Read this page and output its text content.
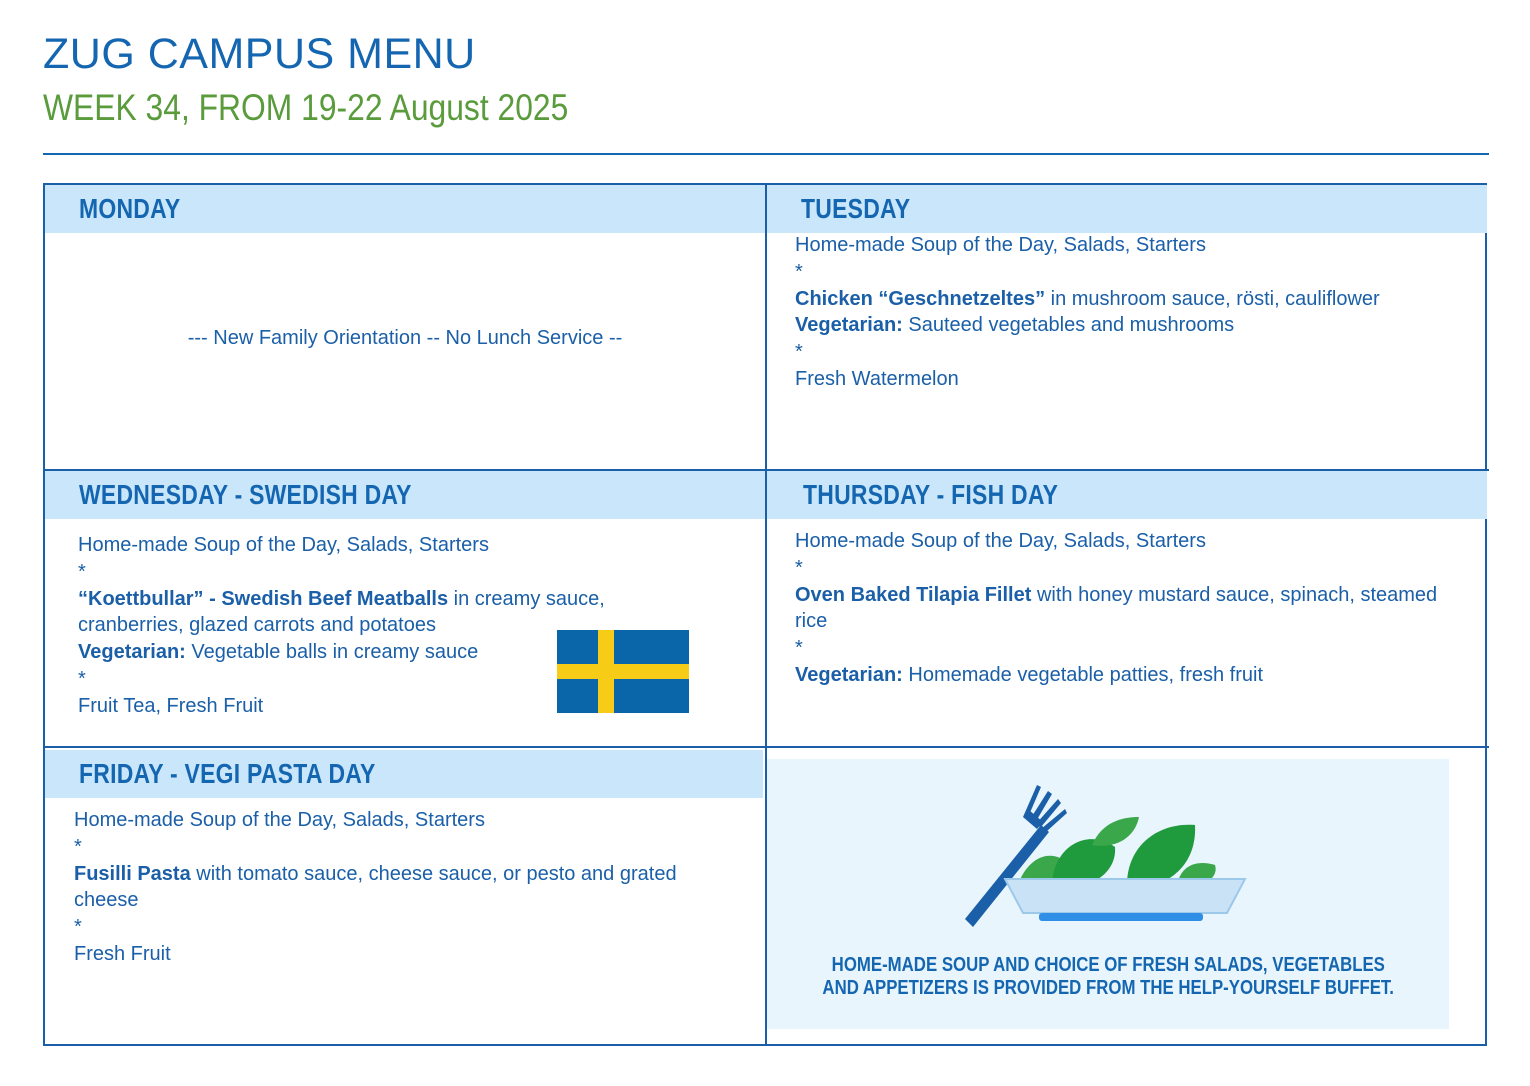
ZUG CAMPUS MENU
WEEK 34, FROM 19-22 August 2025
MONDAY
--- New Family Orientation -- No Lunch Service --
TUESDAY

Home-made Soup of the Day, Salads, Starters

*

Chicken “Geschnetzeltes” in mushroom sauce, rösti, cauliflower

Vegetarian: Sauteed vegetables and mushrooms

*

Fresh Watermelon

WEDNESDAY - SWEDISH DAY

Home-made Soup of the Day, Salads, Starters

*

“Koettbullar” - Swedish Beef Meatballs in creamy sauce, cranberries, glazed carrots and potatoes

Vegetarian: Vegetable balls in creamy sauce

*

Fruit Tea, Fresh Fruit

THURSDAY - FISH DAY

Home-made Soup of the Day, Salads, Starters

*

Oven Baked Tilapia Fillet with honey mustard sauce, spinach, steamed rice

*

Vegetarian: Homemade vegetable patties, fresh fruit

FRIDAY - VEGI PASTA DAY

Home-made Soup of the Day, Salads, Starters

*

Fusilli Pasta with tomato sauce, cheese sauce, or pesto and grated cheese

*

Fresh Fruit

HOME-MADE SOUP AND CHOICE OF FRESH SALADS, VEGETABLES
AND APPETIZERS IS PROVIDED FROM THE HELP-YOURSELF BUFFET.
